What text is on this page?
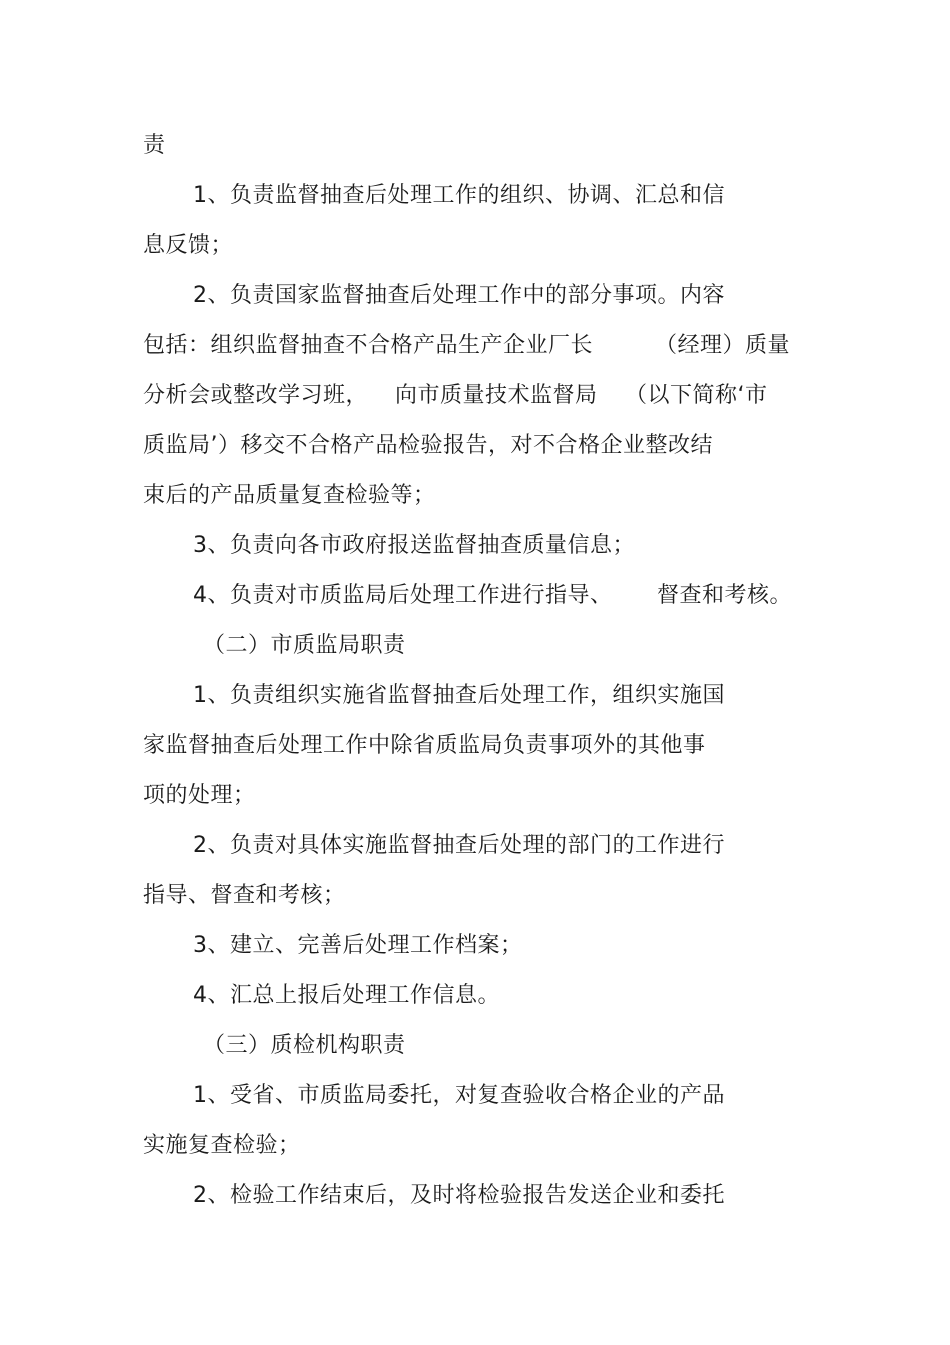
责

1、负责监督抽查后处理工作的组织、协调、汇总和信

息反馈；

2、负责国家监督抽查后处理工作中的部分事项。内容

包括：组织监督抽查不合格产品生产企业厂长	（经理）质量

分析会或整改学习班， 向市质量技术监督局 （以下简称‘市

质监局’）移交不合格产品检验报告，对不合格企业整改结

束后的产品质量复查检验等；

3、负责向各市政府报送监督抽查质量信息；

4、负责对市质监局后处理工作进行指导、 督查和考核。

（二）市质监局职责

1、负责组织实施省监督抽查后处理工作，组织实施国

家监督抽查后处理工作中除省质监局负责事项外的其他事

项的处理；

2、负责对具体实施监督抽查后处理的部门的工作进行

指导、督查和考核；

3、建立、完善后处理工作档案；

4、汇总上报后处理工作信息。

（三）质检机构职责

1、受省、市质监局委托，对复查验收合格企业的产品

实施复查检验；

2、检验工作结束后，及时将检验报告发送企业和委托
